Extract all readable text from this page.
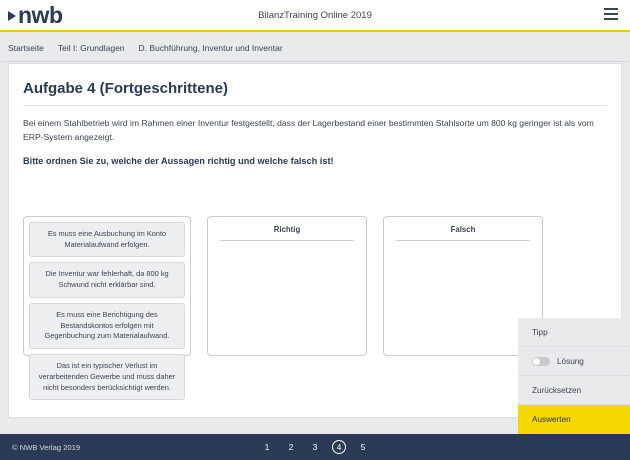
nwb	BilanzTraining Online 2019
Startseite Teil I: Grundlagen D. Buchführung, Inventur und Inventar
Aufgabe 4 (Fortgeschrittene)

Bei einem Stahlbetrieb wird im Rahmen einer Inventur festgestellt, dass der Lagerbestand einer bestimmten Stahlsorte um 800 kg geringer ist als vom ERP-System angezeigt.

Bitte ordnen Sie zu, welche der Aussagen richtig und welche falsch ist!

Es muss eine Ausbuchung im Konto Materialaufwand erfolgen.
Die Inventur war fehlerhaft, da 800 kg Schwund nicht erklärbar sind.
Es muss eine Berichtigung des Bestandskontos erfolgen mit Gegenbuchung zum Materialaufwand.
Das ist ein typischer Verlust im verarbeitenden Gewerbe und muss daher nicht besonders berücksichtigt werden.
Richtig	Falsch
Tipp
Lösung
Zurücksetzen
Auswerten
© NWB Verlag 2019	1	2	3	4	5
